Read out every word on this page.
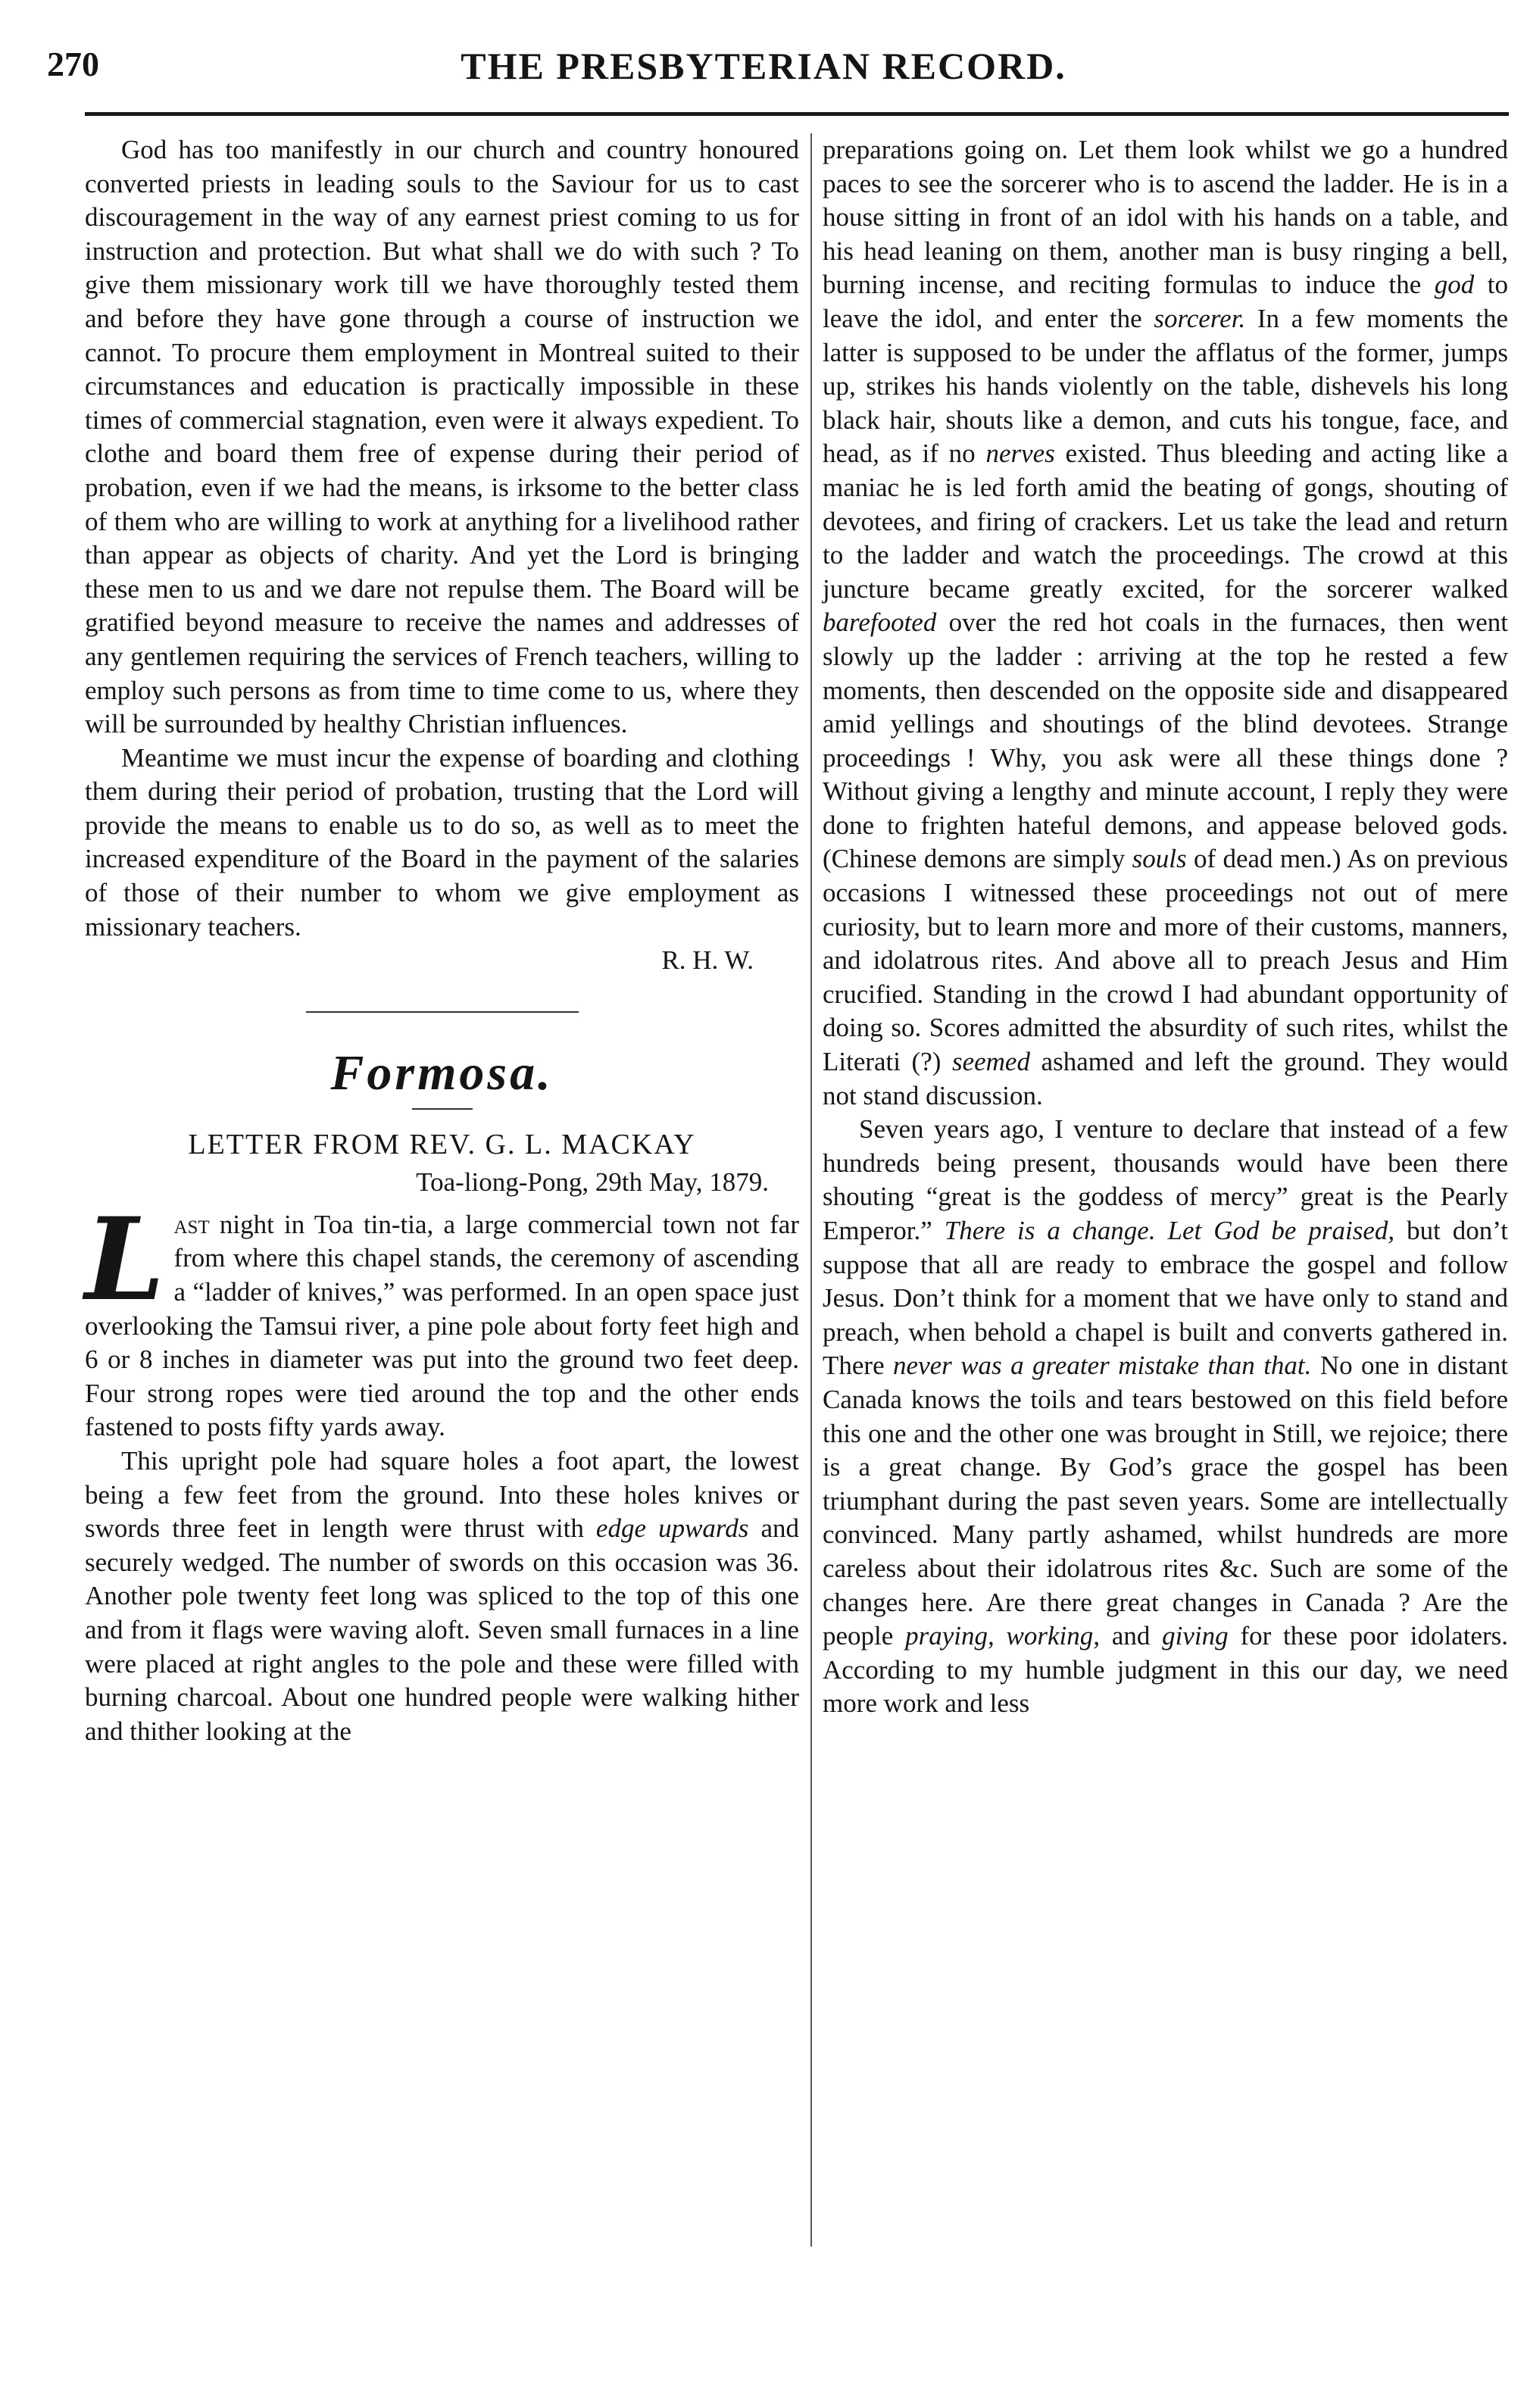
270	THE PRESBYTERIAN RECORD.

God has too manifestly in our church and country honoured converted priests in leading souls to the Saviour for us to cast discouragement in the way of any earnest priest coming to us for instruction and protection. But what shall we do with such ? To give them missionary work till we have thoroughly tested them and before they have gone through a course of instruction we cannot. To procure them employment in Montreal suited to their circumstances and education is practically impossible in these times of commercial stagnation, even were it always expedient. To clothe and board them free of expense during their period of probation, even if we had the means, is irksome to the better class of them who are willing to work at anything for a livelihood rather than appear as objects of charity. And yet the Lord is bringing these men to us and we dare not repulse them. The Board will be gratified beyond measure to receive the names and addresses of any gentlemen requiring the services of French teachers, willing to employ such persons as from time to time come to us, where they will be surrounded by healthy Christian influences.

Meantime we must incur the expense of boarding and clothing them during their period of probation, trusting that the Lord will provide the means to enable us to do so, as well as to meet the increased expenditure of the Board in the payment of the salaries of those of their number to whom we give employment as missionary teachers.

R. H. W.

Formosa.
LETTER FROM REV. G. L. MACKAY
Toa-liong-Pong, 29th May, 1879.

Last night in Toa tin-tia, a large commercial town not far from where this chapel stands, the ceremony of ascending a “ladder of knives,” was performed. In an open space just overlooking the Tamsui river, a pine pole about forty feet high and 6 or 8 inches in diameter was put into the ground two feet deep. Four strong ropes were tied around the top and the other ends fastened to posts fifty yards away.

This upright pole had square holes a foot apart, the lowest being a few feet from the ground. Into these holes knives or swords three feet in length were thrust with edge upwards and securely wedged. The number of swords on this occasion was 36. Another pole twenty feet long was spliced to the top of this one and from it flags were waving aloft. Seven small furnaces in a line were placed at right angles to the pole and these were filled with burning charcoal. About one hundred people were walking hither and thither looking at the

preparations going on. Let them look whilst we go a hundred paces to see the sorcerer who is to ascend the ladder. He is in a house sitting in front of an idol with his hands on a table, and his head leaning on them, another man is busy ringing a bell, burning incense, and reciting formulas to induce the god to leave the idol, and enter the sorcerer. In a few moments the latter is supposed to be under the afflatus of the former, jumps up, strikes his hands violently on the table, dishevels his long black hair, shouts like a demon, and cuts his tongue, face, and head, as if no nerves existed. Thus bleeding and acting like a maniac he is led forth amid the beating of gongs, shouting of devotees, and firing of crackers. Let us take the lead and return to the ladder and watch the proceedings. The crowd at this juncture became greatly excited, for the sorcerer walked barefooted over the red hot coals in the furnaces, then went slowly up the ladder : arriving at the top he rested a few moments, then descended on the opposite side and disappeared amid yellings and shoutings of the blind devotees. Strange proceedings ! Why, you ask were all these things done ? Without giving a lengthy and minute account, I reply they were done to frighten hateful demons, and appease beloved gods. (Chinese demons are simply souls of dead men.) As on previous occasions I witnessed these proceedings not out of mere curiosity, but to learn more and more of their customs, manners, and idolatrous rites. And above all to preach Jesus and Him crucified. Standing in the crowd I had abundant opportunity of doing so. Scores admitted the absurdity of such rites, whilst the Literati (?) seemed ashamed and left the ground. They would not stand discussion.

Seven years ago, I venture to declare that instead of a few hundreds being present, thousands would have been there shouting “great is the goddess of mercy” great is the Pearly Emperor.” There is a change. Let God be praised, but don’t suppose that all are ready to embrace the gospel and follow Jesus. Don’t think for a moment that we have only to stand and preach, when behold a chapel is built and converts gathered in. There never was a greater mistake than that. No one in distant Canada knows the toils and tears bestowed on this field before this one and the other one was brought in Still, we rejoice; there is a great change. By God’s grace the gospel has been triumphant during the past seven years. Some are intellectually convinced. Many partly ashamed, whilst hundreds are more careless about their idolatrous rites &c. Such are some of the changes here. Are there great changes in Canada ? Are the people praying, working, and giving for these poor idolaters. According to my humble judgment in this our day, we need more work and less
